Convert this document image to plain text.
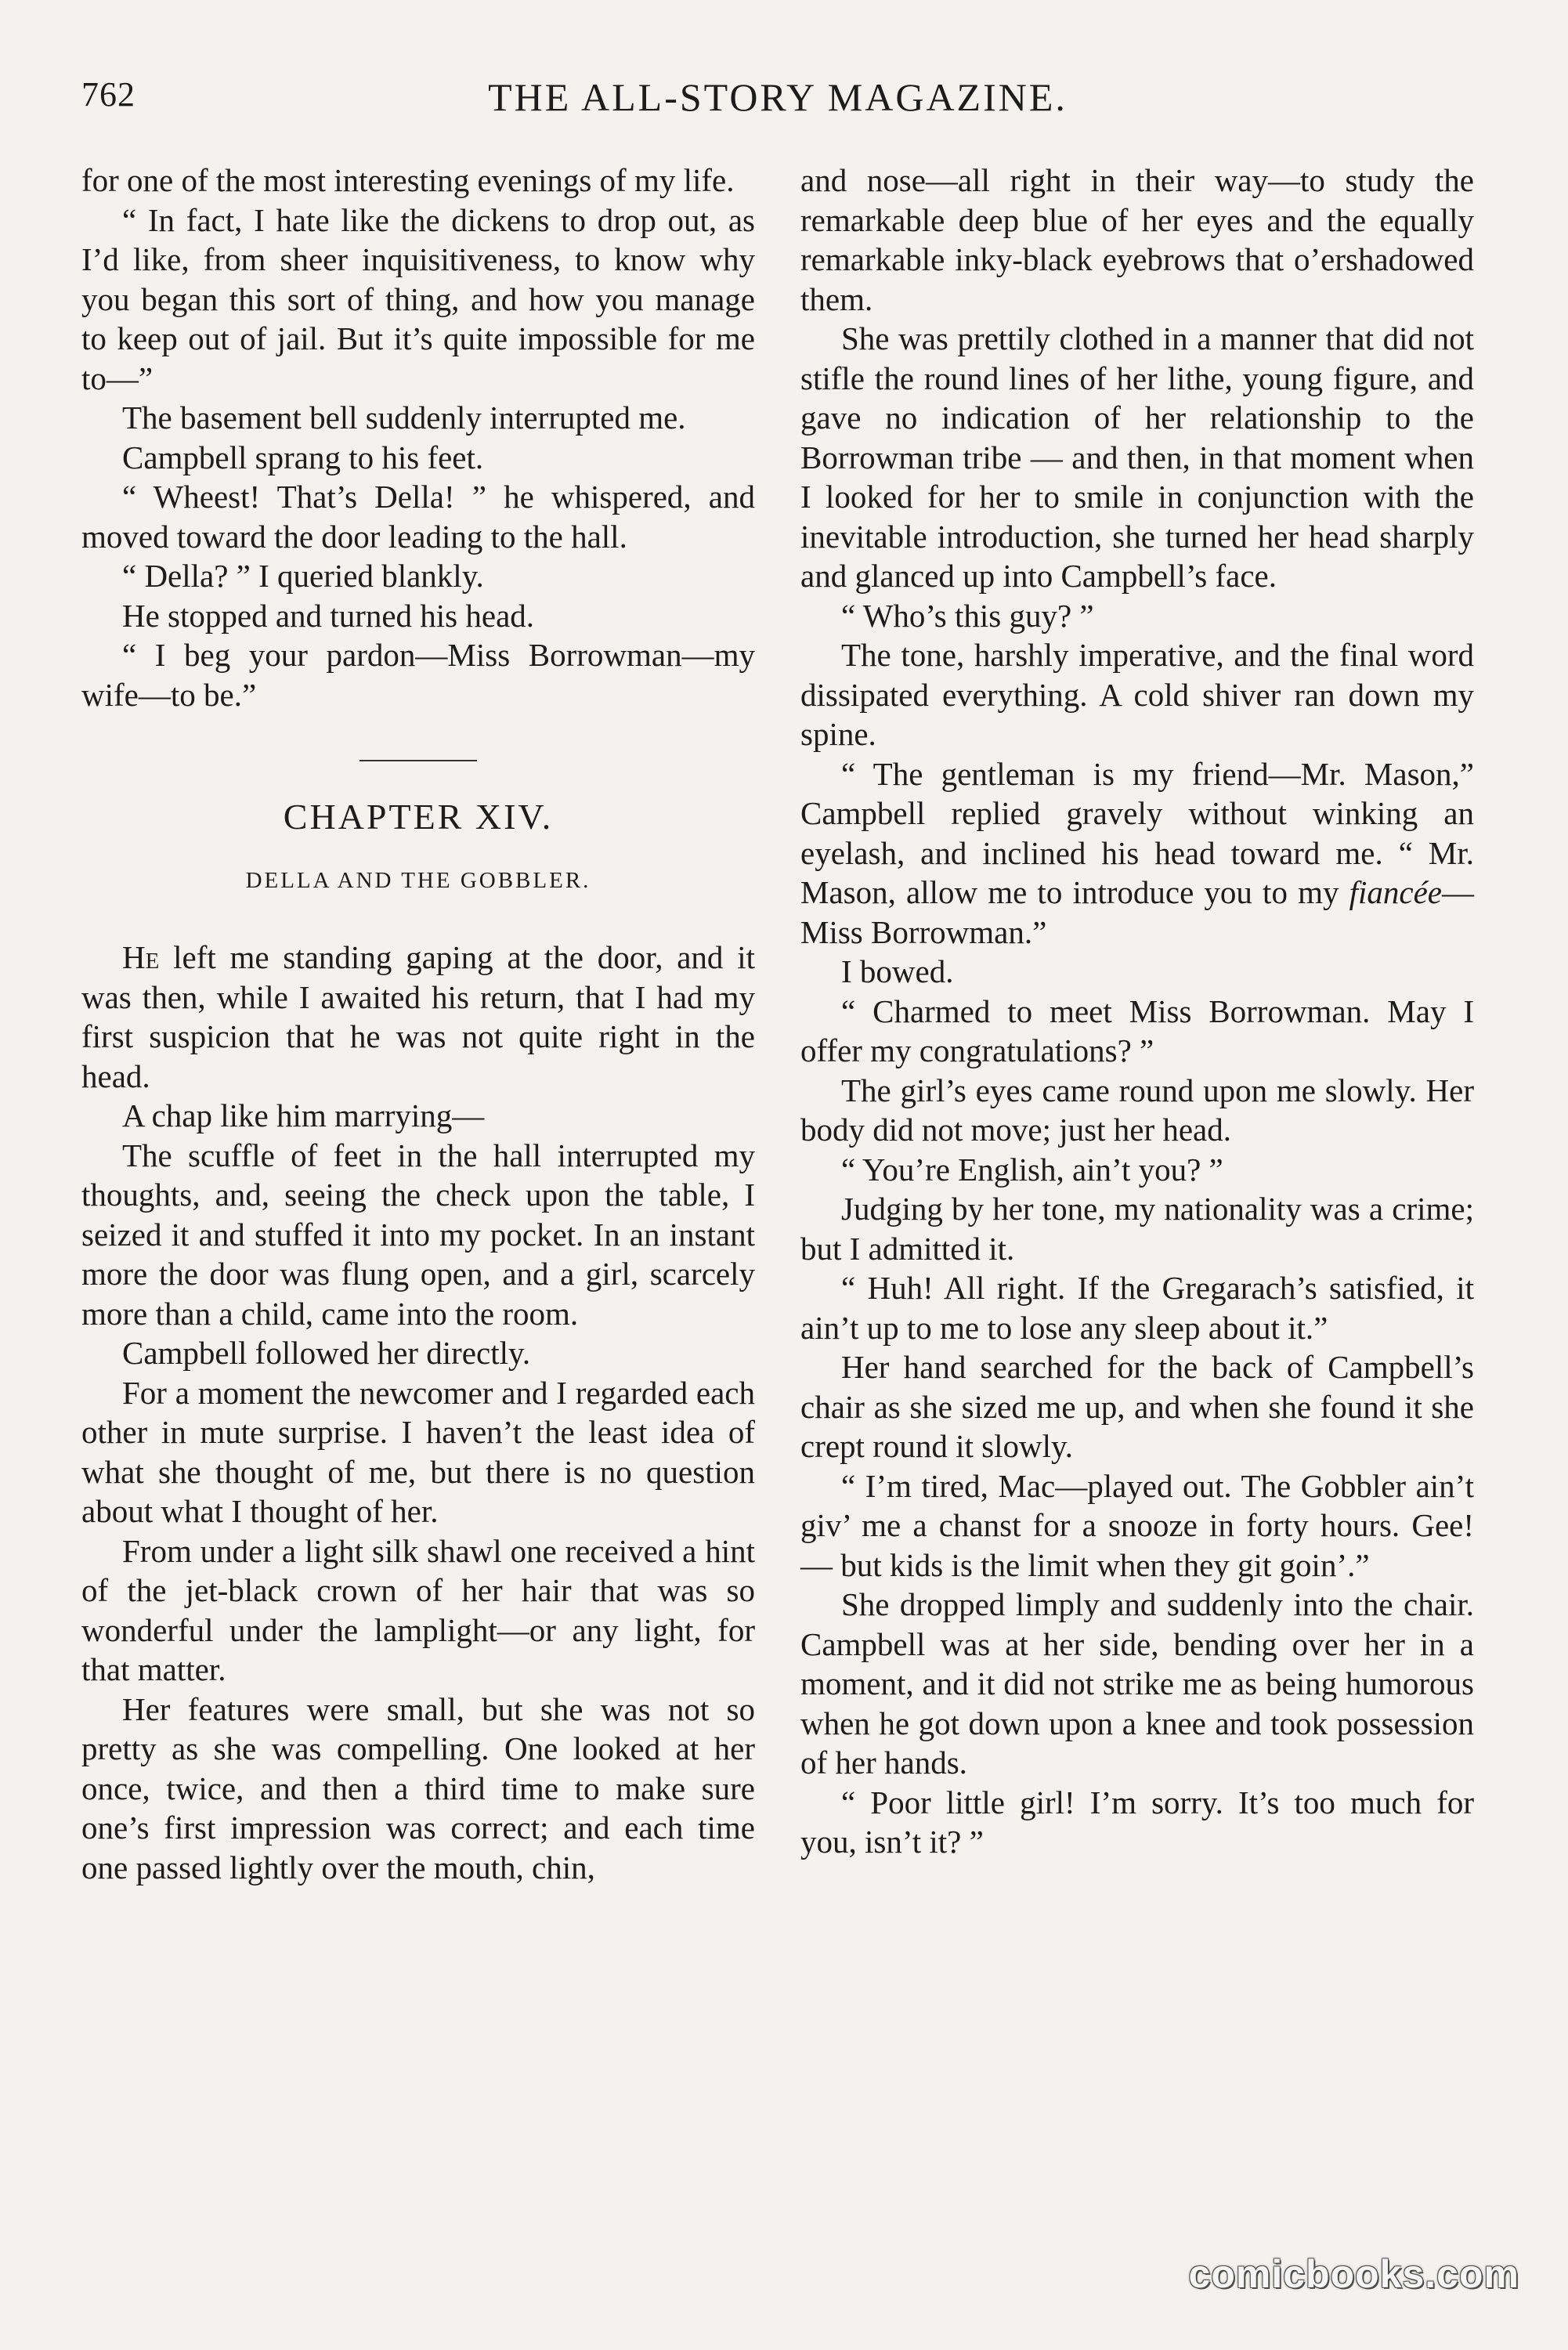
762	THE ALL-STORY MAGAZINE.

for one of the most interesting evenings of my life.

“ In fact, I hate like the dickens to drop out, as I’d like, from sheer inquisitiveness, to know why you began this sort of thing, and how you manage to keep out of jail. But it’s quite impossible for me to—”

The basement bell suddenly interrupted me.

Campbell sprang to his feet.

“ Wheest! That’s Della! ” he whispered, and moved toward the door leading to the hall.

“ Della? ” I queried blankly.

He stopped and turned his head.

“ I beg your pardon—Miss Borrowman—my wife—to be.”

CHAPTER XIV.
DELLA AND THE GOBBLER.

He left me standing gaping at the door, and it was then, while I awaited his return, that I had my first suspicion that he was not quite right in the head.

A chap like him marrying—

The scuffle of feet in the hall interrupted my thoughts, and, seeing the check upon the table, I seized it and stuffed it into my pocket. In an instant more the door was flung open, and a girl, scarcely more than a child, came into the room.

Campbell followed her directly.

For a moment the newcomer and I regarded each other in mute surprise. I haven’t the least idea of what she thought of me, but there is no question about what I thought of her.

From under a light silk shawl one received a hint of the jet-black crown of her hair that was so wonderful under the lamplight—or any light, for that matter.

Her features were small, but she was not so pretty as she was compelling. One looked at her once, twice, and then a third time to make sure one’s first impression was correct; and each time one passed lightly over the mouth, chin,

and nose—all right in their way—to study the remarkable deep blue of her eyes and the equally remarkable inky-black eyebrows that o’ershadowed them.

She was prettily clothed in a manner that did not stifle the round lines of her lithe, young figure, and gave no indication of her relationship to the Borrowman tribe — and then, in that moment when I looked for her to smile in conjunction with the inevitable introduction, she turned her head sharply and glanced up into Campbell’s face.

“ Who’s this guy? ”

The tone, harshly imperative, and the final word dissipated everything. A cold shiver ran down my spine.

“ The gentleman is my friend—Mr. Mason,” Campbell replied gravely without winking an eyelash, and inclined his head toward me. “ Mr. Mason, allow me to introduce you to my fiancée—Miss Borrowman.”

I bowed.

“ Charmed to meet Miss Borrowman. May I offer my congratulations? ”

The girl’s eyes came round upon me slowly. Her body did not move; just her head.

“ You’re English, ain’t you? ”

Judging by her tone, my nationality was a crime; but I admitted it.

“ Huh! All right. If the Gregarach’s satisfied, it ain’t up to me to lose any sleep about it.”

Her hand searched for the back of Campbell’s chair as she sized me up, and when she found it she crept round it slowly.

“ I’m tired, Mac—played out. The Gobbler ain’t giv’ me a chanst for a snooze in forty hours. Gee! — but kids is the limit when they git goin’.”

She dropped limply and suddenly into the chair. Campbell was at her side, bending over her in a moment, and it did not strike me as being humorous when he got down upon a knee and took possession of her hands.

“ Poor little girl! I’m sorry. It’s too much for you, isn’t it? ”

comicbooks.com
